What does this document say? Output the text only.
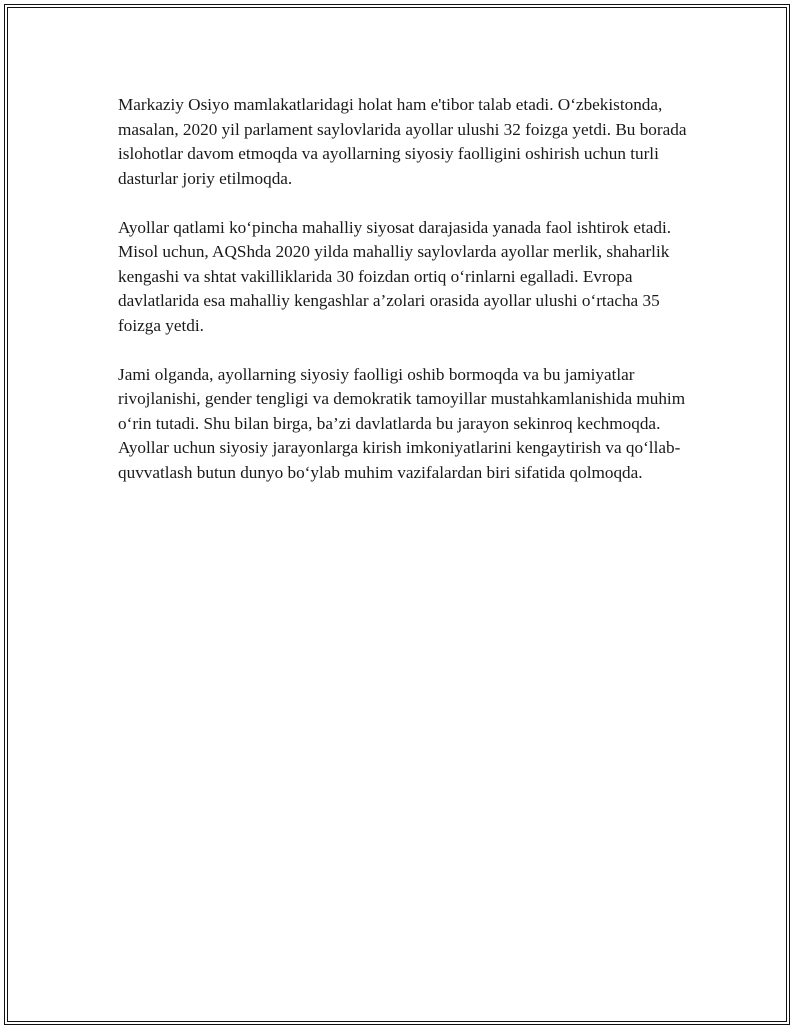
Markaziy Osiyo mamlakatlaridagi holat ham e'tibor talab etadi. O‘zbekistonda, masalan, 2020 yil parlament saylovlarida ayollar ulushi 32 foizga yetdi. Bu borada islohotlar davom etmoqda va ayollarning siyosiy faolligini oshirish uchun turli dasturlar joriy etilmoqda.

Ayollar qatlami ko‘pincha mahalliy siyosat darajasida yanada faol ishtirok etadi. Misol uchun, AQShda 2020 yilda mahalliy saylovlarda ayollar merlik, shaharlik kengashi va shtat vakilliklarida 30 foizdan ortiq o‘rinlarni egalladi. Evropa davlatlarida esa mahalliy kengashlar a’zolari orasida ayollar ulushi o‘rtacha 35 foizga yetdi.

Jami olganda, ayollarning siyosiy faolligi oshib bormoqda va bu jamiyatlar rivojlanishi, gender tengligi va demokratik tamoyillar mustahkamlanishida muhim o‘rin tutadi. Shu bilan birga, ba’zi davlatlarda bu jarayon sekinroq kechmoqda. Ayollar uchun siyosiy jarayonlarga kirish imkoniyatlarini kengaytirish va qo‘llab-quvvatlash butun dunyo bo‘ylab muhim vazifalardan biri sifatida qolmoqda.
